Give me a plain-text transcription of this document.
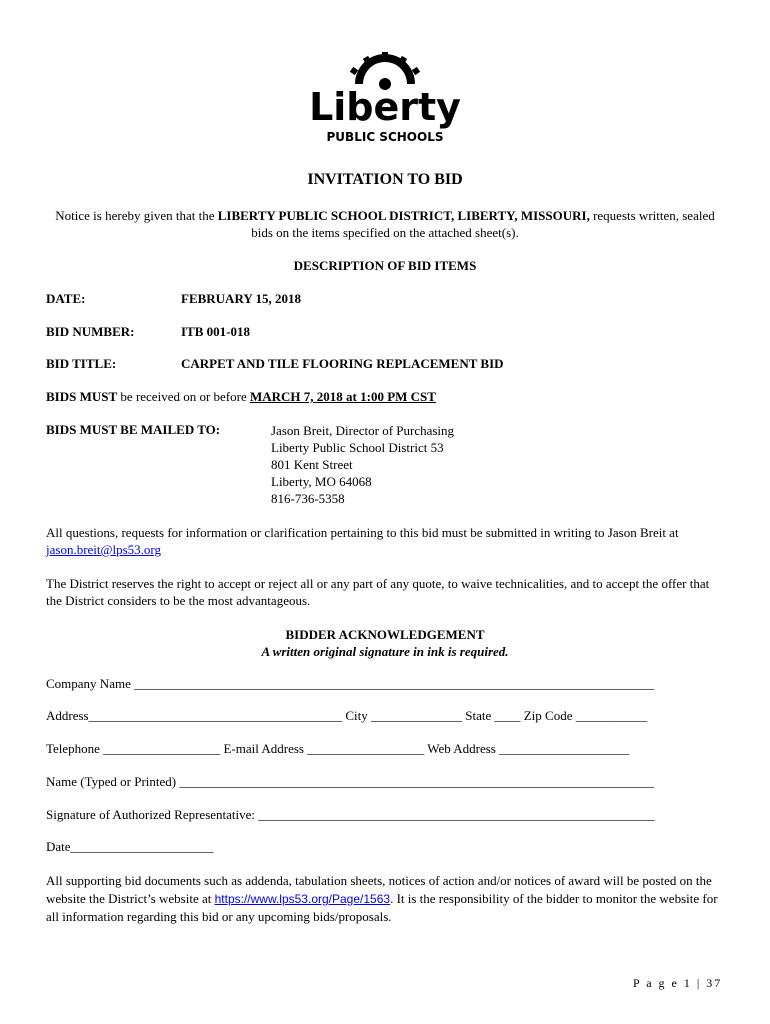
Liberty
PUBLIC SCHOOLS
INVITATION TO BID
Notice is hereby given that the LIBERTY PUBLIC SCHOOL DISTRICT, LIBERTY, MISSOURI, requests written, sealed bids on the items specified on the attached sheet(s).
DESCRIPTION OF BID ITEMS
DATE:	FEBRUARY 15, 2018
BID NUMBER:	ITB 001-018
BID TITLE:	CARPET AND TILE FLOORING REPLACEMENT BID
BIDS MUST be received on or before MARCH 7, 2018 at 1:00 PM CST
BIDS MUST BE MAILED TO:	Jason Breit, Director of Purchasing
Liberty Public School District 53
801 Kent Street
Liberty, MO 64068
816-736-5358
All questions, requests for information or clarification pertaining to this bid must be submitted in writing to Jason Breit at jason.breit@lps53.org
The District reserves the right to accept or reject all or any part of any quote, to waive technicalities, and to accept the offer that the District considers to be the most advantageous.
BIDDER ACKNOWLEDGEMENT
A written original signature in ink is required.
Company Name ________________________________________________________________________________
Address_______________________________________ City ______________ State ____ Zip Code ___________
Telephone __________________ E-mail Address __________________ Web Address ____________________
Name (Typed or Printed) _________________________________________________________________________
Signature of Authorized Representative: _____________________________________________________________
Date______________________
All supporting bid documents such as addenda, tabulation sheets, notices of action and/or notices of award will be posted on the website the District’s website at https://www.lps53.org/Page/1563. It is the responsibility of the bidder to monitor the website for all information regarding this bid or any upcoming bids/proposals.
P a g e 1 | 37
